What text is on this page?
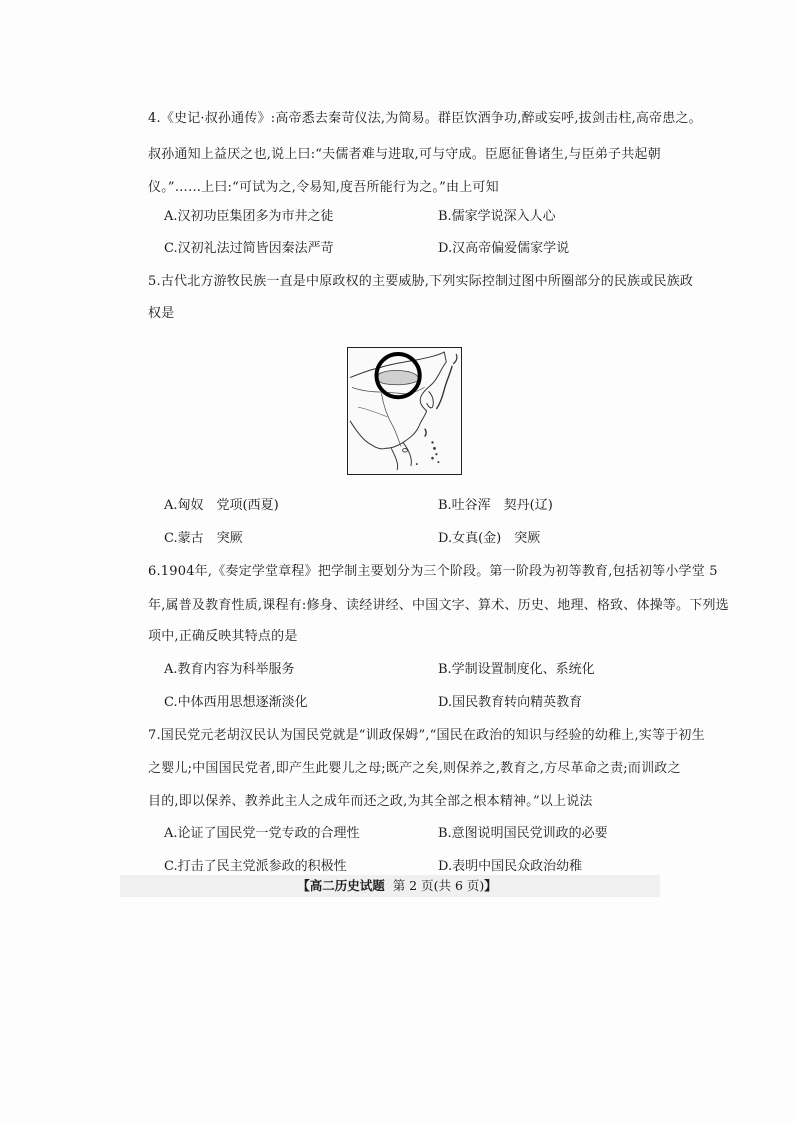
4.《史记·叔孙通传》:高帝悉去秦苛仪法,为简易。群臣饮酒争功,醉或妄呼,拔剑击柱,高帝患之。
叔孙通知上益厌之也,说上曰:“夫儒者难与进取,可与守成。臣愿征鲁诸生,与臣弟子共起朝
仪。”……上曰:“可试为之,令易知,度吾所能行为之。”由上可知
A.汉初功臣集团多为市井之徒	B.儒家学说深入人心
C.汉初礼法过简皆因秦法严苛	D.汉高帝偏爱儒家学说
5.古代北方游牧民族一直是中原政权的主要威胁,下列实际控制过图中所圈部分的民族或民族政
权是
A.匈奴　党项(西夏)	B.吐谷浑　契丹(辽)
C.蒙古　突厥	D.女真(金)　突厥
6.1904年,《奏定学堂章程》把学制主要划分为三个阶段。第一阶段为初等教育,包括初等小学堂 5
年,属普及教育性质,课程有:修身、读经讲经、中国文字、算术、历史、地理、格致、体操等。下列选
项中,正确反映其特点的是
A.教育内容为科举服务	B.学制设置制度化、系统化
C.中体西用思想逐渐淡化	D.国民教育转向精英教育
7.国民党元老胡汉民认为国民党就是“训政保姆”,“国民在政治的知识与经验的幼稚上,实等于初生
之婴儿;中国国民党者,即产生此婴儿之母;既产之矣,则保养之,教育之,方尽革命之责;而训政之
目的,即以保养、教养此主人之成年而还之政,为其全部之根本精神。”以上说法
A.论证了国民党一党专政的合理性	B.意图说明国民党训政的必要
C.打击了民主党派参政的积极性	D.表明中国民众政治幼稚
【高二历史试题 第 2 页(共 6 页)】
